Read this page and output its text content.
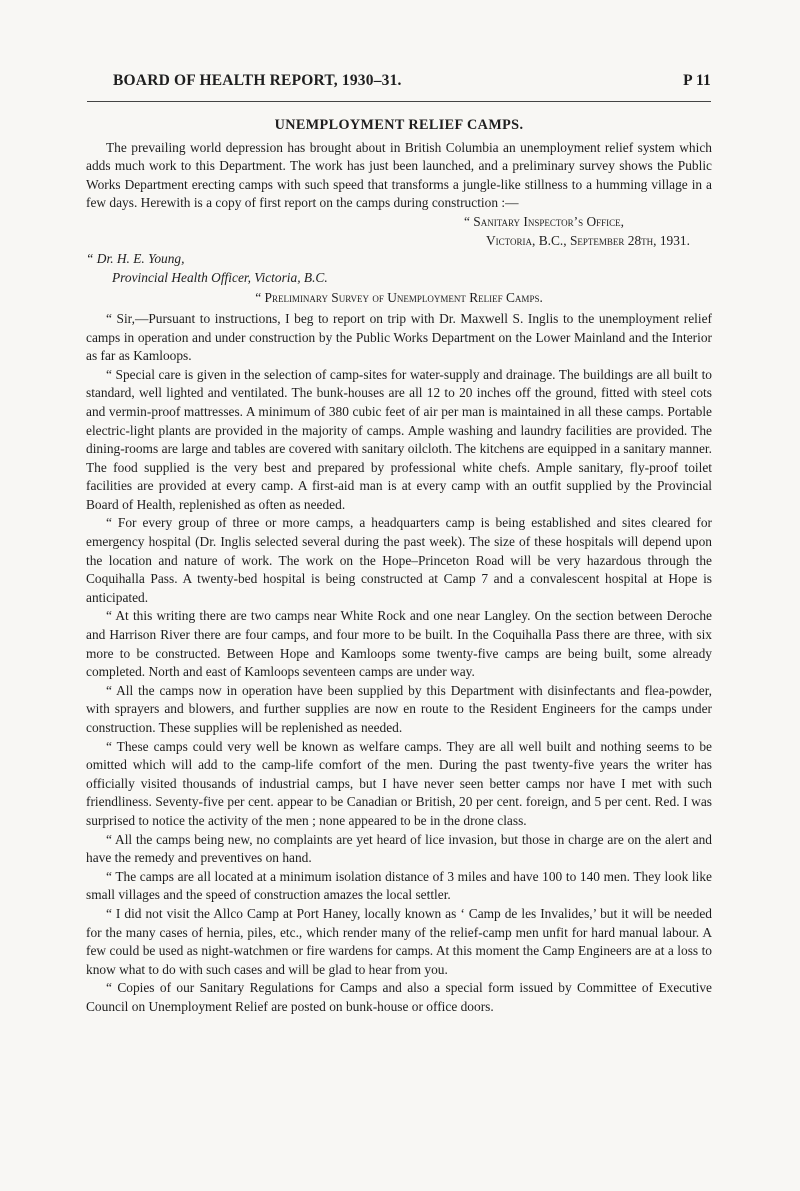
BOARD OF HEALTH REPORT, 1930–31.	P 11
UNEMPLOYMENT RELIEF CAMPS.

The prevailing world depression has brought about in British Columbia an unemployment relief system which adds much work to this Department. The work has just been launched, and a preliminary survey shows the Public Works Department erecting camps with such speed that transforms a jungle-like stillness to a humming village in a few days. Herewith is a copy of first report on the camps during construction :—

“ Sanitary Inspector’s Office,

Victoria, B.C., September 28th, 1931.

“ Dr. H. E. Young,

Provincial Health Officer, Victoria, B.C.

“ Preliminary Survey of Unemployment Relief Camps.

“ Sir,—Pursuant to instructions, I beg to report on trip with Dr. Maxwell S. Inglis to the unemployment relief camps in operation and under construction by the Public Works Department on the Lower Mainland and the Interior as far as Kamloops.

“ Special care is given in the selection of camp-sites for water-supply and drainage. The buildings are all built to standard, well lighted and ventilated. The bunk-houses are all 12 to 20 inches off the ground, fitted with steel cots and vermin-proof mattresses. A minimum of 380 cubic feet of air per man is maintained in all these camps. Portable electric-light plants are provided in the majority of camps. Ample washing and laundry facilities are provided. The dining-rooms are large and tables are covered with sanitary oilcloth. The kitchens are equipped in a sanitary manner. The food supplied is the very best and prepared by professional white chefs. Ample sanitary, fly-proof toilet facilities are provided at every camp. A first-aid man is at every camp with an outfit supplied by the Provincial Board of Health, replenished as often as needed.

“ For every group of three or more camps, a headquarters camp is being established and sites cleared for emergency hospital (Dr. Inglis selected several during the past week). The size of these hospitals will depend upon the location and nature of work. The work on the Hope–Princeton Road will be very hazardous through the Coquihalla Pass. A twenty-bed hospital is being constructed at Camp 7 and a convalescent hospital at Hope is anticipated.

“ At this writing there are two camps near White Rock and one near Langley. On the section between Deroche and Harrison River there are four camps, and four more to be built. In the Coquihalla Pass there are three, with six more to be constructed. Between Hope and Kamloops some twenty-five camps are being built, some already completed. North and east of Kamloops seventeen camps are under way.

“ All the camps now in operation have been supplied by this Department with disinfectants and flea-powder, with sprayers and blowers, and further supplies are now en route to the Resident Engineers for the camps under construction. These supplies will be replenished as needed.

“ These camps could very well be known as welfare camps. They are all well built and nothing seems to be omitted which will add to the camp-life comfort of the men. During the past twenty-five years the writer has officially visited thousands of industrial camps, but I have never seen better camps nor have I met with such friendliness. Seventy-five per cent. appear to be Canadian or British, 20 per cent. foreign, and 5 per cent. Red. I was surprised to notice the activity of the men ; none appeared to be in the drone class.

“ All the camps being new, no complaints are yet heard of lice invasion, but those in charge are on the alert and have the remedy and preventives on hand.

“ The camps are all located at a minimum isolation distance of 3 miles and have 100 to 140 men. They look like small villages and the speed of construction amazes the local settler.

“ I did not visit the Allco Camp at Port Haney, locally known as ‘ Camp de les Invalides,’ but it will be needed for the many cases of hernia, piles, etc., which render many of the relief-camp men unfit for hard manual labour. A few could be used as night-watchmen or fire wardens for camps. At this moment the Camp Engineers are at a loss to know what to do with such cases and will be glad to hear from you.

“ Copies of our Sanitary Regulations for Camps and also a special form issued by Committee of Executive Council on Unemployment Relief are posted on bunk-house or office doors.
